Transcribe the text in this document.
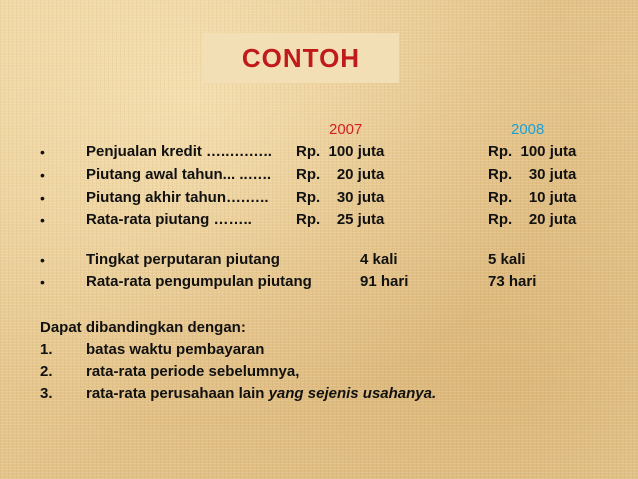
CONTOH
2007	2008
•	Penjualan kredit …..….….. Rp.  100 juta	Rp.  100 juta
•	Piutang awal tahun... ..….. Rp.    20 juta	Rp.    30 juta
•	Piutang akhir tahun….….. Rp.    30 juta	Rp.    10 juta
•	Rata-rata piutang ……..	Rp.    25 juta	Rp.    20 juta
•	Tingkat perputaran piutang	4 kali	5 kali
•	Rata-rata pengumpulan piutang	91 hari	73 hari
Dapat dibandingkan dengan:
1. batas waktu pembayaran
2. rata-rata periode sebelumnya,
3. rata-rata perusahaan lain yang sejenis usahanya.
